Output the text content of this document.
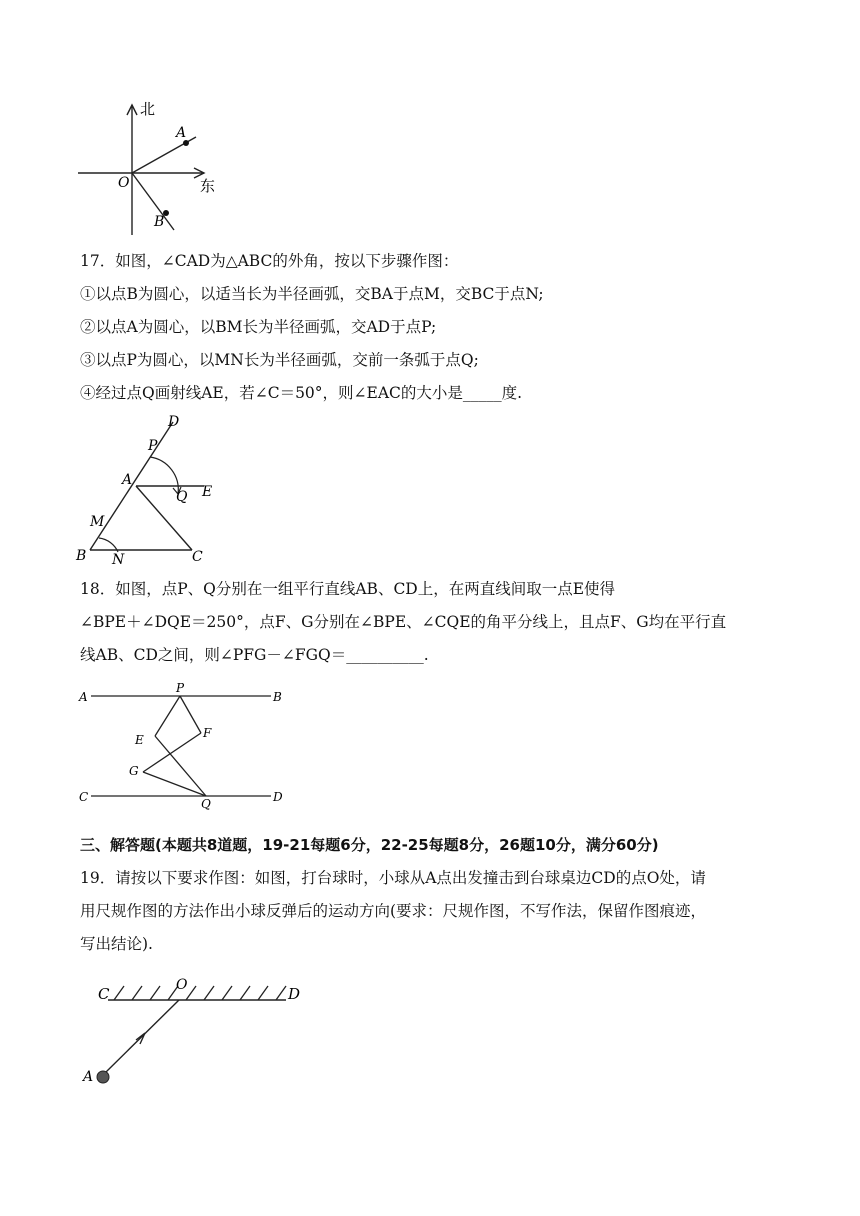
北
东
O
A
B
17．如图，∠CAD为△ABC的外角，按以下步骤作图：
①以点B为圆心，以适当长为半径画弧，交BA于点M，交BC于点N;
②以点A为圆心，以BM长为半径画弧，交AD于点P;
③以点P为圆心，以MN长为半径画弧，交前一条弧于点Q;
④经过点Q画射线AE，若∠C＝50°，则∠EAC的大小是_____度.
D
P
A
Q E
M
B N	C
18．如图，点P、Q分别在一组平行直线AB、CD上，在两直线间取一点E使得
∠BPE＋∠DQE＝250°，点F、G分别在∠BPE、∠CQE的角平分线上，且点F、G均在平行直
线AB、CD之间，则∠PFG－∠FGQ＝__________.
A	B
C	D
P
Q
E	F
G
三、解答题(本题共8道题，19-21每题6分，22-25每题8分，26题10分，满分60分)
19．请按以下要求作图：如图，打台球时，小球从A点出发撞击到台球桌边CD的点O处，请
用尺规作图的方法作出小球反弹后的运动方向(要求：尺规作图，不写作法，保留作图痕迹，
写出结论).
C	O	D
A
